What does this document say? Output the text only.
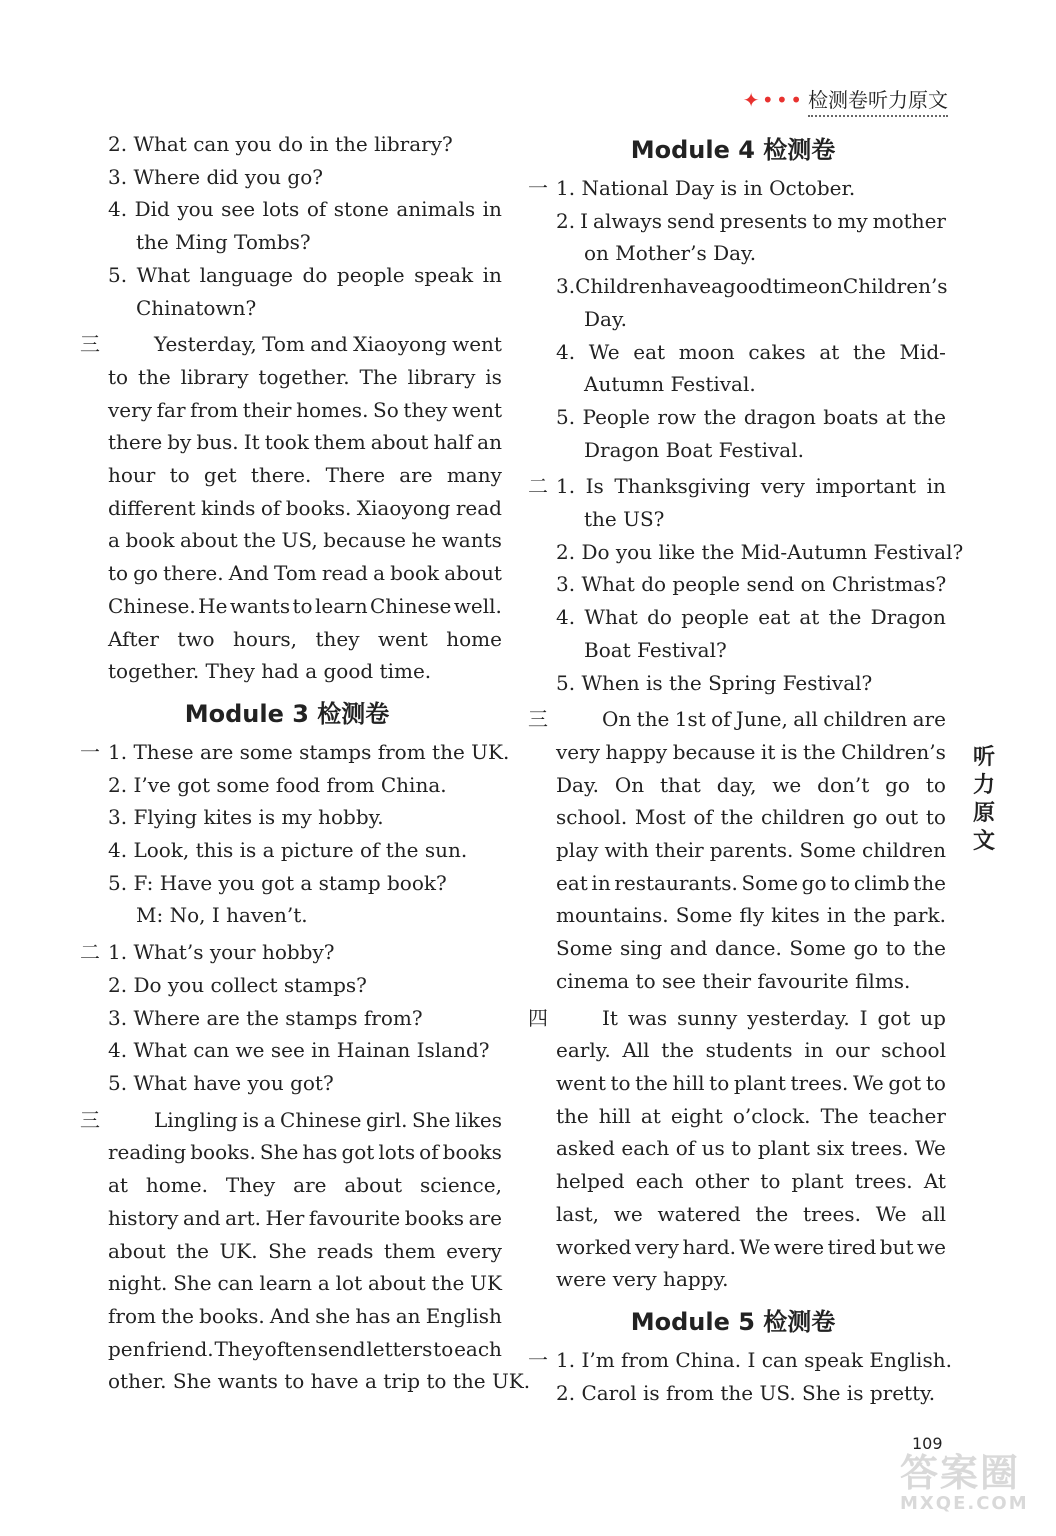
✦ • • • 检测卷听力原文
2. What can you do in the library?
3. Where did you go?
4. Did you see lots of stone animals in
the Ming Tombs?
5. What language do people speak in
Chinatown?
三	Yesterday, Tom and Xiaoyong went
to the library together. The library is
very far from their homes. So they went
there by bus. It took them about half an
hour to get there. There are many
different kinds of books. Xiaoyong read
a book about the US, because he wants
to go there. And Tom read a book about
Chinese. He wants to learn Chinese well.
After two hours, they went home
together. They had a good time.
Module 3 检测卷
1. These are some stamps from the UK.
一
2. I’ve got some food from China.
3. Flying kites is my hobby.
4. Look, this is a picture of the sun.
5. F: Have you got a stamp book?
M: No, I haven’t.
1. What’s your hobby?
二
2. Do you collect stamps?
3. Where are the stamps from?
4. What can we see in Hainan Island?
5. What have you got?
三	Lingling is a Chinese girl. She likes
reading books. She has got lots of books
at home. They are about science,
history and art. Her favourite books are
about the UK. She reads them every
night. She can learn a lot about the UK
from the books. And she has an English
pen friend. They often send letters to each
other. She wants to have a trip to the UK.
Module 4 检测卷
1. National Day is in October.
一
2. I always send presents to my mother
on Mother’s Day.
3. Children have a good time on Children’s
Day.
4. We eat moon cakes at the Mid-
Autumn Festival.
5. People row the dragon boats at the
Dragon Boat Festival.
1. Is Thanksgiving very important in
二
the US?
2. Do you like the Mid-Autumn Festival?
3. What do people send on Christmas?
4. What do people eat at the Dragon
Boat Festival?
5. When is the Spring Festival?
三	On the 1st of June, all children are
very happy because it is the Children’s
Day. On that day, we don’t go to
school. Most of the children go out to
play with their parents. Some children
eat in restaurants. Some go to climb the
mountains. Some fly kites in the park.
Some sing and dance. Some go to the
cinema to see their favourite films.
四	It was sunny yesterday. I got up
early. All the students in our school
went to the hill to plant trees. We got to
the hill at eight o’clock. The teacher
asked each of us to plant six trees. We
helped each other to plant trees. At
last, we watered the trees. We all
worked very hard. We were tired but we
were very happy.
Module 5 检测卷
1. I’m from China. I can speak English.
一
2. Carol is from the US. She is pretty.
听
力
原
文
109
答案圈
MXQE.COM
